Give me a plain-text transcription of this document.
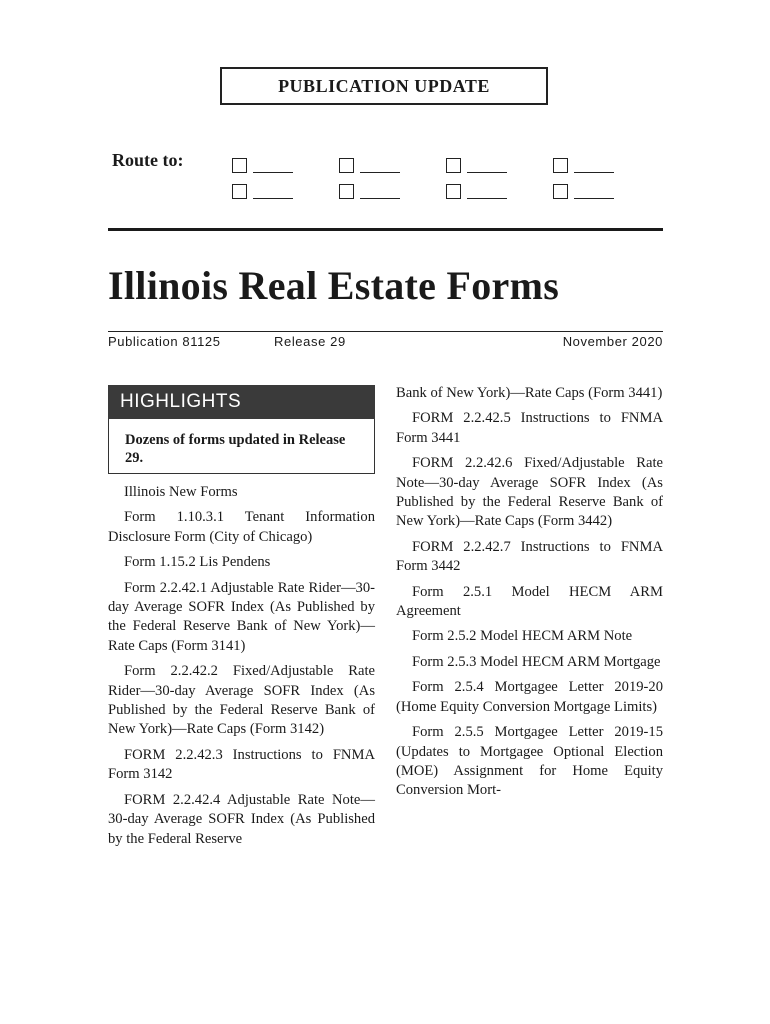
PUBLICATION UPDATE
Route to:
Illinois Real Estate Forms
Publication 81125	Release 29	November 2020
HIGHLIGHTS
Dozens of forms updated in Release 29.

Illinois New Forms

Form 1.10.3.1 Tenant Information Disclosure Form (City of Chicago)

Form 1.15.2 Lis Pendens

Form 2.2.42.1 Adjustable Rate Rider—30-day Average SOFR Index (As Published by the Federal Reserve Bank of New York)—Rate Caps (Form 3141)

Form 2.2.42.2 Fixed/Adjustable Rate Rider—30-day Average SOFR Index (As Published by the Federal Reserve Bank of New York)—Rate Caps (Form 3142)

FORM 2.2.42.3 Instructions to FNMA Form 3142

FORM 2.2.42.4 Adjustable Rate Note—30-day Average SOFR Index (As Published by the Federal Reserve

Bank of New York)—Rate Caps (Form 3441)

FORM 2.2.42.5 Instructions to FNMA Form 3441

FORM 2.2.42.6 Fixed/Adjustable Rate Note—30-day Average SOFR Index (As Published by the Federal Reserve Bank of New York)—Rate Caps (Form 3442)

FORM 2.2.42.7 Instructions to FNMA Form 3442

Form 2.5.1 Model HECM ARM Agreement

Form 2.5.2 Model HECM ARM Note

Form 2.5.3 Model HECM ARM Mortgage

Form 2.5.4 Mortgagee Letter 2019-20 (Home Equity Conversion Mortgage Limits)

Form 2.5.5 Mortgagee Letter 2019-15 (Updates to Mortgagee Optional Election (MOE) Assignment for Home Equity Conversion Mort-
